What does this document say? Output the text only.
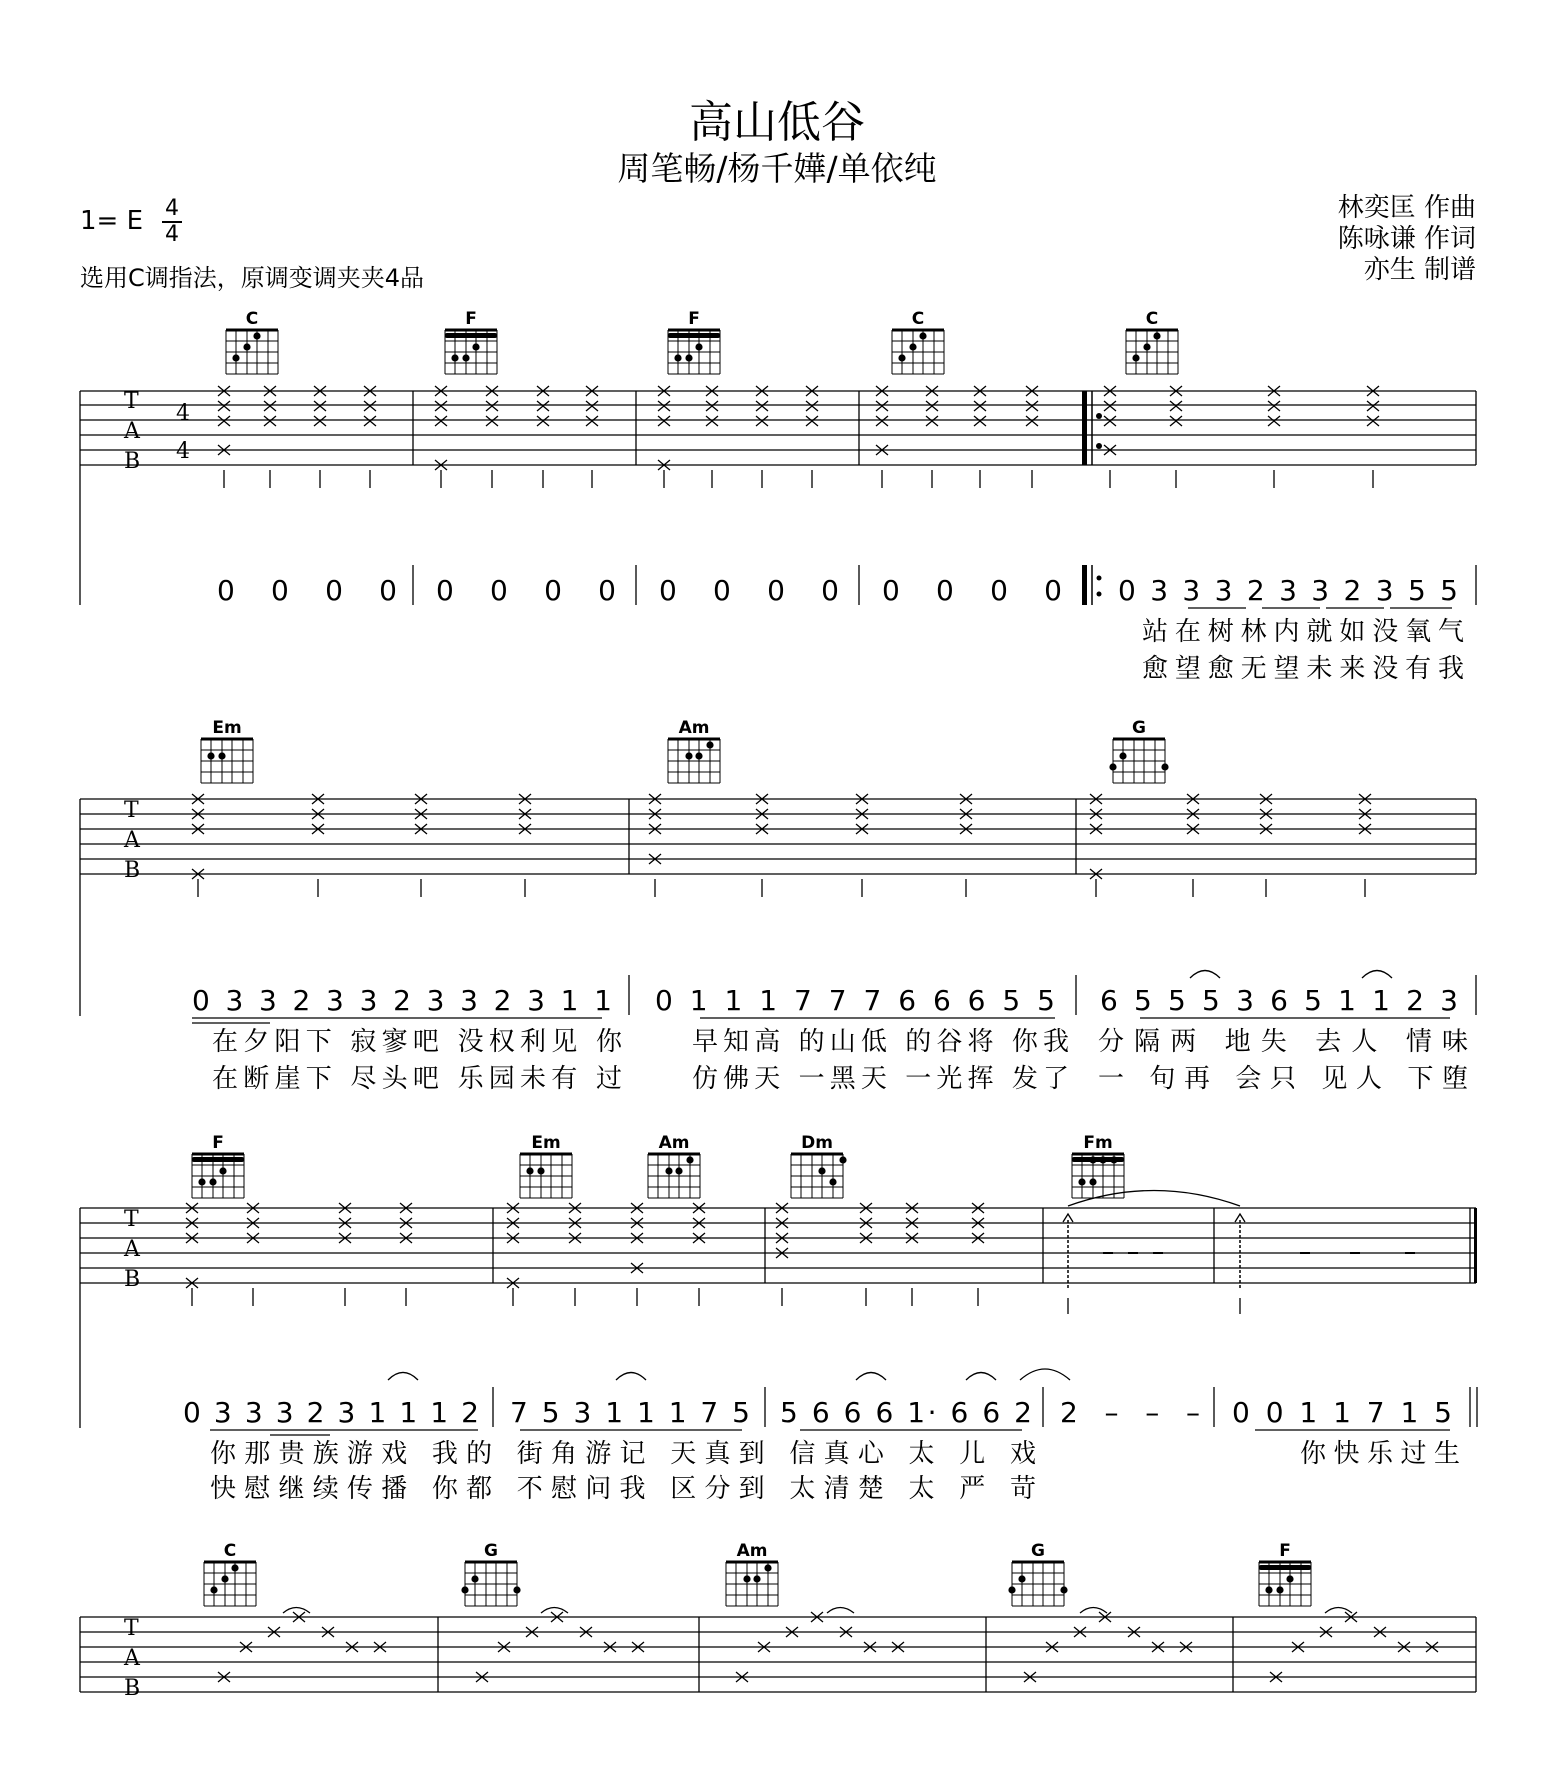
高山低谷
周笔畅/杨千嬅/单依纯
1= E 4
4
选用C调指法，原调变调夹夹4品
林奕匡 作曲
陈咏谦 作词
亦生 制谱
T
A
B
4
4
C	F	F	C	C
0 0 0 0 0 0 0 0 0 0 0 0 0 0 0 0 0 3 3 3 2 3 3 2 3 5 5
站在树林内就如没氧气
愈望愈无望未来没有我
T
A
B
Em	Am	G
0 3 3 2 3 3 2 3 3 2 3 1 1 0 1 1 1 7 7 7 6 6 6 5 5 6 5 5 5 3 6 5 1 1 2 3
在夕阳下 寂寥吧 没权利见 你	早知高 的山低 的谷将 你我 分隔两 地失 去人 情味
在断崖下 尽头吧 乐园未有 过	仿佛天 一黑天 一光挥 发了 一 句再 会只 见人 下堕
T
A
B
F	Em	Am	Dm	Fm
0 3 3 3 2 3 1 1 1 2 7 5 3 1 1 1 7 5 5 6 6 6 1· 6 6 2 2 – – – 0 0 1 1 7 1 5
你那贵族游戏 我的 街角游记 天真到 信真心 太 儿 戏	你快乐过生
快慰继续传播 你都 不慰问我 区分到 太清楚 太 严 苛
T
A
B
C	G	Am	G	F
